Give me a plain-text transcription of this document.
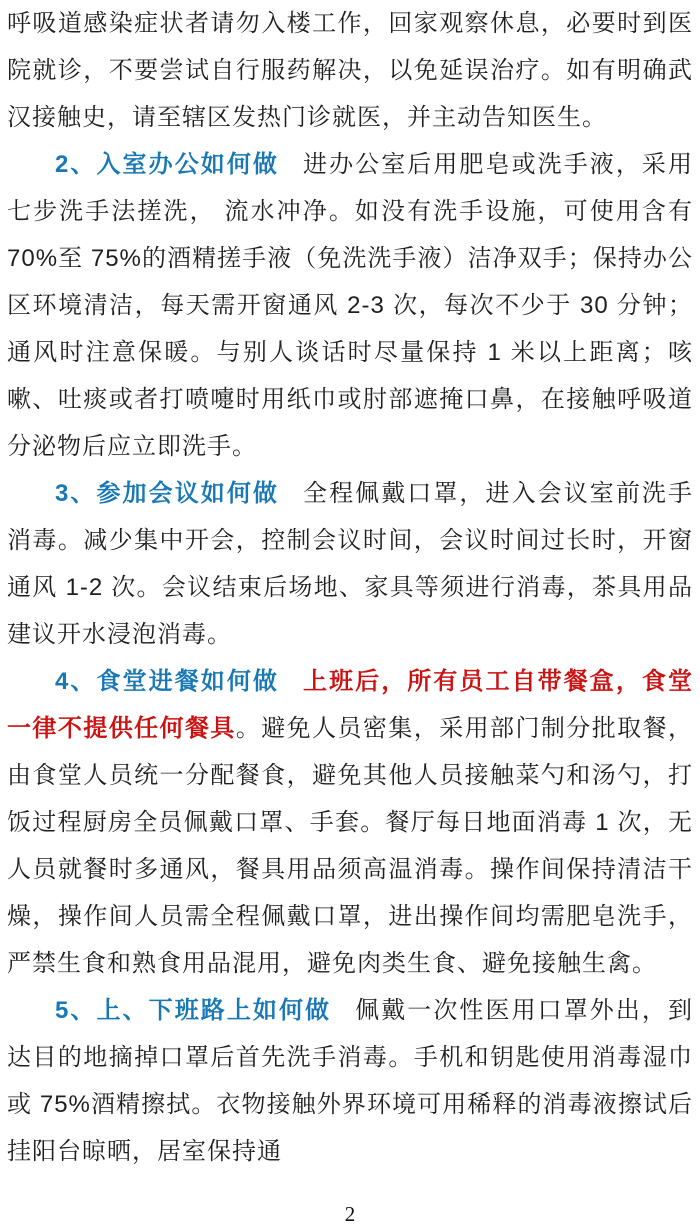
呼吸道感染症状者请勿入楼工作，回家观察休息，必要时到医院就诊，不要尝试自行服药解决，以免延误治疗。如有明确武汉接触史，请至辖区发热门诊就医，并主动告知医生。

2、入室办公如何做 进办公室后用肥皂或洗手液，采用七步洗手法搓洗， 流水冲净。如没有洗手设施，可使用含有 70%至 75%的酒精搓手液（免洗洗手液）洁净双手；保持办公区环境清洁，每天需开窗通风 2-3 次，每次不少于 30 分钟；通风时注意保暖。与别人谈话时尽量保持 1 米以上距离；咳嗽、吐痰或者打喷嚏时用纸巾或肘部遮掩口鼻，在接触呼吸道分泌物后应立即洗手。

3、参加会议如何做 全程佩戴口罩，进入会议室前洗手消毒。减少集中开会，控制会议时间，会议时间过长时，开窗通风 1-2 次。会议结束后场地、家具等须进行消毒，茶具用品建议开水浸泡消毒。

4、食堂进餐如何做 上班后，所有员工自带餐盒，食堂一律不提供任何餐具。避免人员密集，采用部门制分批取餐，由食堂人员统一分配餐食，避免其他人员接触菜勺和汤勺，打饭过程厨房全员佩戴口罩、手套。餐厅每日地面消毒 1 次，无人员就餐时多通风，餐具用品须高温消毒。操作间保持清洁干燥，操作间人员需全程佩戴口罩，进出操作间均需肥皂洗手，严禁生食和熟食用品混用，避免肉类生食、避免接触生禽。

5、上、下班路上如何做 佩戴一次性医用口罩外出，到达目的地摘掉口罩后首先洗手消毒。手机和钥匙使用消毒湿巾或 75%酒精擦拭。衣物接触外界环境可用稀释的消毒液擦试后挂阳台晾晒，居室保持通

2
